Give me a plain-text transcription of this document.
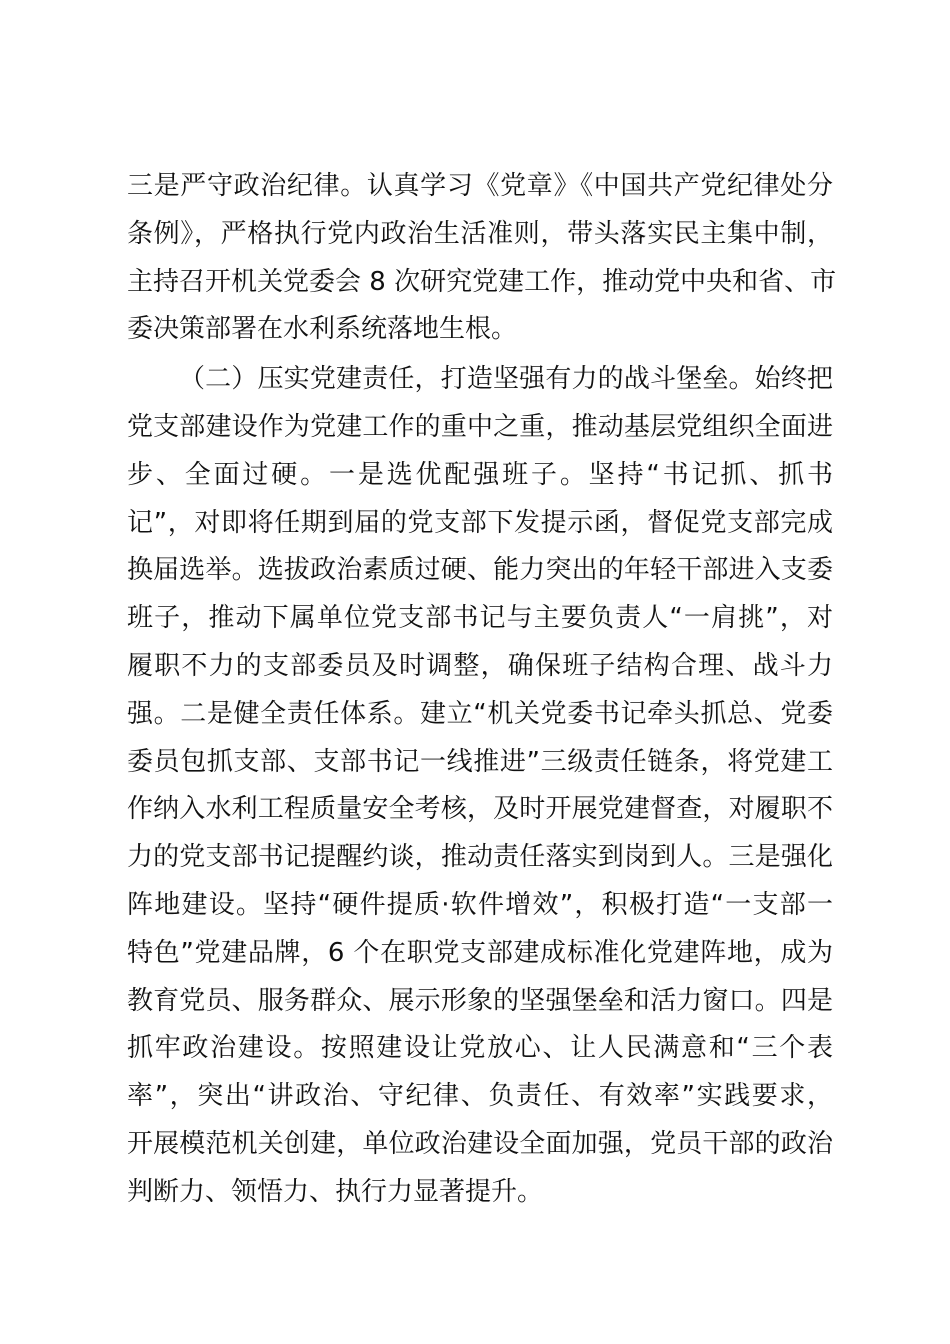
三是严守政治纪律。认真学习《党章》《中国共产党纪律处分
条例》，严格执行党内政治生活准则，带头落实民主集中制，
主持召开机关党委会 8 次研究党建工作，推动党中央和省、市
委决策部署在水利系统落地生根。
（二）压实党建责任，打造坚强有力的战斗堡垒。始终把
党支部建设作为党建工作的重中之重，推动基层党组织全面进
步、全面过硬。一是选优配强班子。坚持“书记抓、抓书
记”，对即将任期到届的党支部下发提示函，督促党支部完成
换届选举。选拔政治素质过硬、能力突出的年轻干部进入支委
班子，推动下属单位党支部书记与主要负责人“一肩挑”，对
履职不力的支部委员及时调整，确保班子结构合理、战斗力
强。二是健全责任体系。建立“机关党委书记牵头抓总、党委
委员包抓支部、支部书记一线推进”三级责任链条，将党建工
作纳入水利工程质量安全考核，及时开展党建督查，对履职不
力的党支部书记提醒约谈，推动责任落实到岗到人。三是强化
阵地建设。坚持“硬件提质·软件增效”，积极打造“一支部一
特色”党建品牌，6 个在职党支部建成标准化党建阵地，成为
教育党员、服务群众、展示形象的坚强堡垒和活力窗口。四是
抓牢政治建设。按照建设让党放心、让人民满意和“三个表
率”，突出“讲政治、守纪律、负责任、有效率”实践要求，
开展模范机关创建，单位政治建设全面加强，党员干部的政治
判断力、领悟力、执行力显著提升。
